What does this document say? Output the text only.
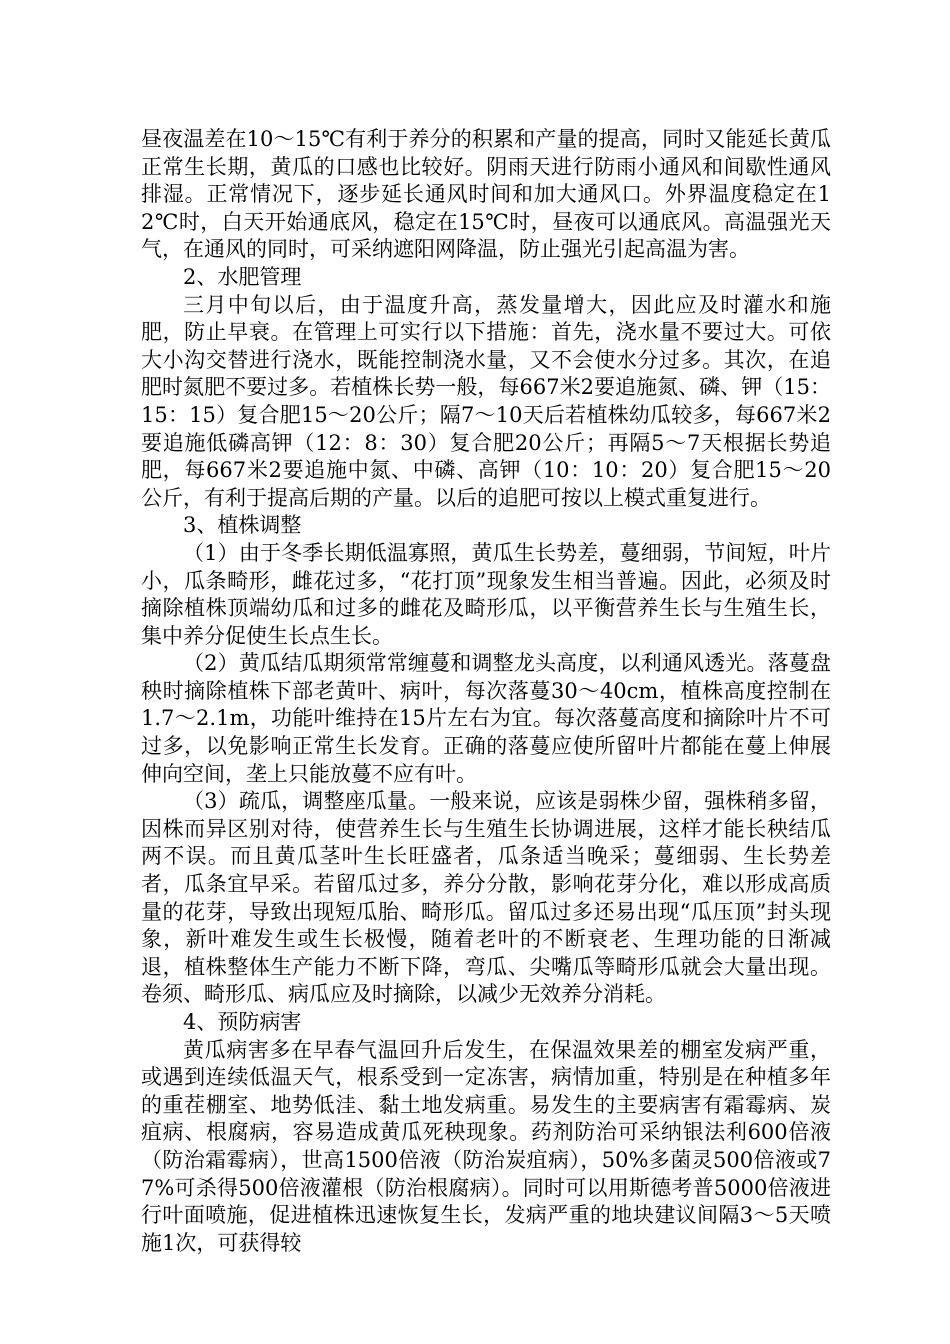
昼夜温差在10～15℃有利于养分的积累和产量的提高，同时又能延长黄瓜正常生长期，黄瓜的口感也比较好。阴雨天进行防雨小通风和间歇性通风排湿。正常情况下，逐步延长通风时间和加大通风口。外界温度稳定在12℃时，白天开始通底风，稳定在15℃时，昼夜可以通底风。高温强光天气，在通风的同时，可采纳遮阳网降温，防止强光引起高温为害。

2、水肥管理

三月中旬以后，由于温度升高，蒸发量增大，因此应及时灌水和施肥，防止早衰。在管理上可实行以下措施：首先，浇水量不要过大。可依大小沟交替进行浇水，既能控制浇水量，又不会使水分过多。其次，在追肥时氮肥不要过多。若植株长势一般，每667米2要追施氮、磷、钾（15：15：15）复合肥15～20公斤；隔7～10天后若植株幼瓜较多，每667米2要追施低磷高钾（12：8：30）复合肥20公斤；再隔5～7天根据长势追肥，每667米2要追施中氮、中磷、高钾（10：10：20）复合肥15～20公斤，有利于提高后期的产量。以后的追肥可按以上模式重复进行。

3、植株调整

（1）由于冬季长期低温寡照，黄瓜生长势差，蔓细弱，节间短，叶片小，瓜条畸形，雌花过多，“花打顶”现象发生相当普遍。因此，必须及时摘除植株顶端幼瓜和过多的雌花及畸形瓜，以平衡营养生长与生殖生长，集中养分促使生长点生长。

（2）黄瓜结瓜期须常常缠蔓和调整龙头高度，以利通风透光。落蔓盘秧时摘除植株下部老黄叶、病叶，每次落蔓30～40cm，植株高度控制在1.7～2.1m，功能叶维持在15片左右为宜。每次落蔓高度和摘除叶片不可过多，以免影响正常生长发育。正确的落蔓应使所留叶片都能在蔓上伸展伸向空间，垄上只能放蔓不应有叶。

（3）疏瓜，调整座瓜量。一般来说，应该是弱株少留，强株稍多留，因株而异区别对待，使营养生长与生殖生长协调进展，这样才能长秧结瓜两不误。而且黄瓜茎叶生长旺盛者，瓜条适当晚采；蔓细弱、生长势差者，瓜条宜早采。若留瓜过多，养分分散，影响花芽分化，难以形成高质量的花芽，导致出现短瓜胎、畸形瓜。留瓜过多还易出现“瓜压顶”封头现象，新叶难发生或生长极慢，随着老叶的不断衰老、生理功能的日渐减退，植株整体生产能力不断下降，弯瓜、尖嘴瓜等畸形瓜就会大量出现。卷须、畸形瓜、病瓜应及时摘除，以减少无效养分消耗。

4、预防病害

黄瓜病害多在早春气温回升后发生，在保温效果差的棚室发病严重，或遇到连续低温天气，根系受到一定冻害，病情加重，特别是在种植多年的重茬棚室、地势低洼、黏土地发病重。易发生的主要病害有霜霉病、炭疽病、根腐病，容易造成黄瓜死秧现象。药剂防治可采纳银法利600倍液（防治霜霉病），世高1500倍液（防治炭疽病），50%多菌灵500倍液或77%可杀得500倍液灌根（防治根腐病）。同时可以用斯德考普5000倍液进行叶面喷施，促进植株迅速恢复生长，发病严重的地块建议间隔3～5天喷施1次，可获得较
